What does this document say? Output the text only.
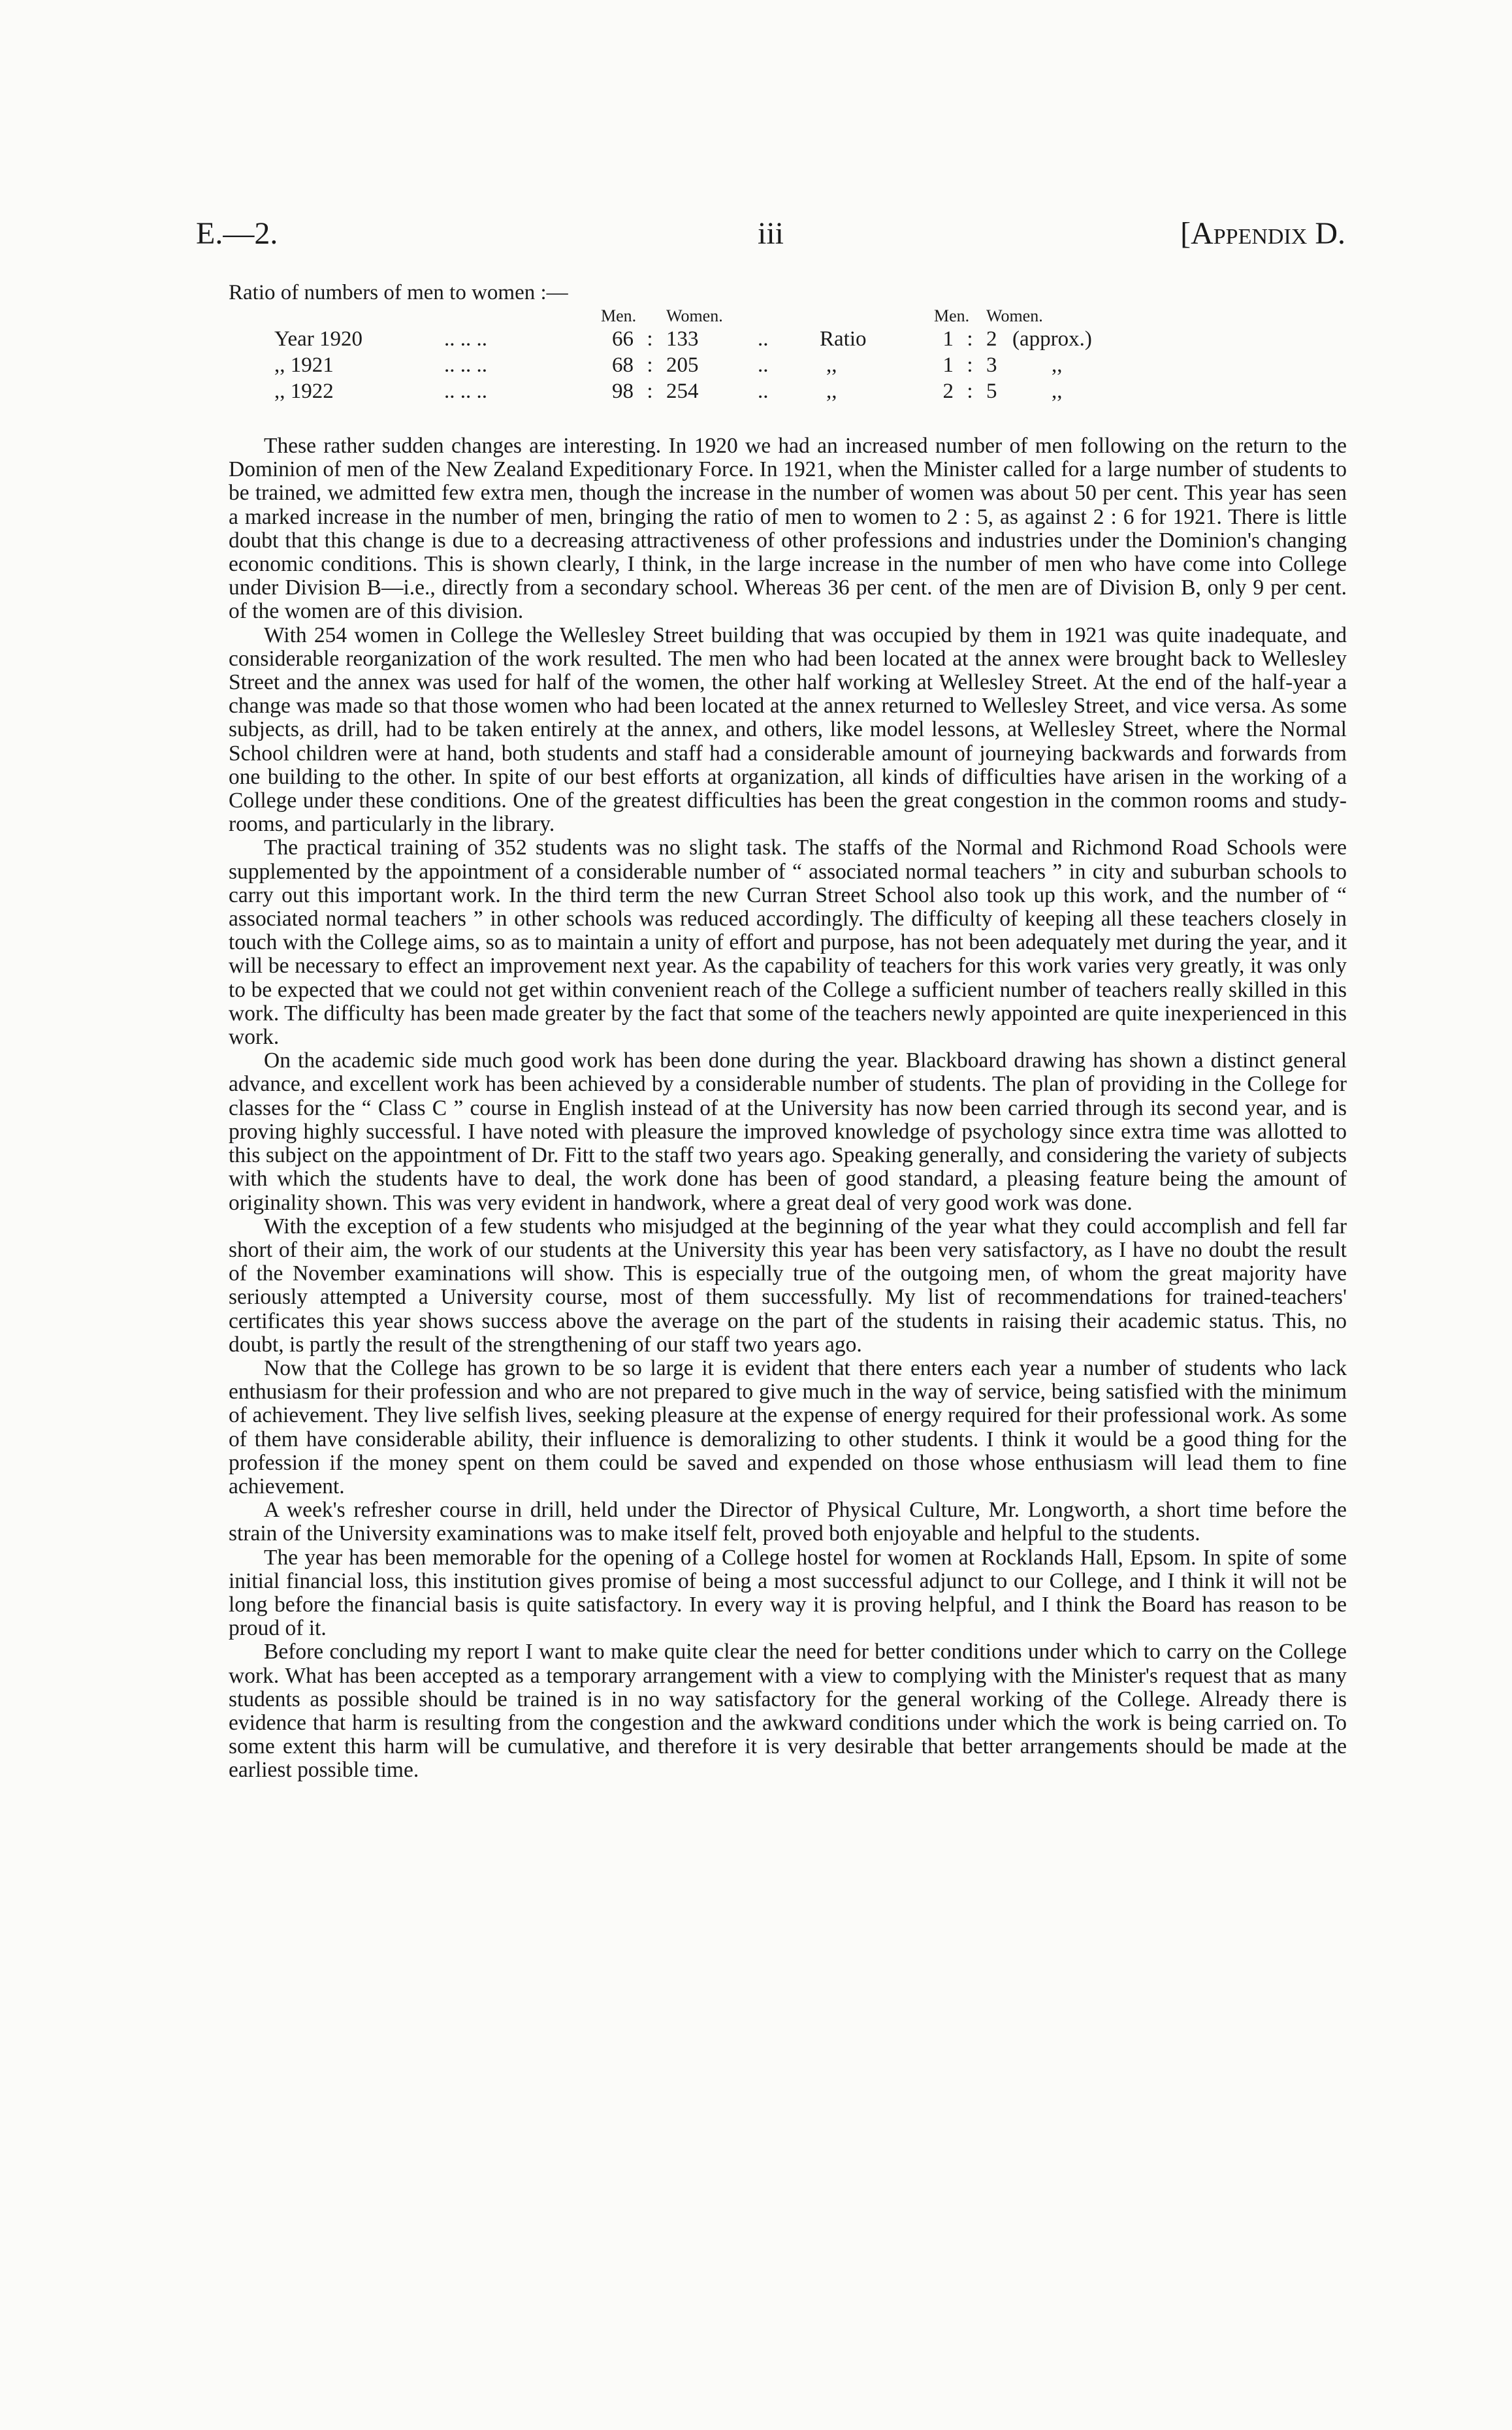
E.—2.	iii	[Appendix D.
Ratio of numbers of men to women :—
		Men.		Women.			Men.		Women.	
Year 1920	.. .. ..	66	:	133	..	Ratio	1	:	2	(approx.)
,, 1921	.. .. ..	68	:	205	..	,,	1	:	3	,,
,, 1922	.. .. ..	98	:	254	..	,,	2	:	5	,,

These rather sudden changes are interesting. In 1920 we had an increased number of men following on the return to the Dominion of men of the New Zealand Expeditionary Force. In 1921, when the Minister called for a large number of students to be trained, we admitted few extra men, though the increase in the number of women was about 50 per cent. This year has seen a marked increase in the number of men, bringing the ratio of men to women to 2 : 5, as against 2 : 6 for 1921. There is little doubt that this change is due to a decreasing attractiveness of other professions and industries under the Dominion's changing economic conditions. This is shown clearly, I think, in the large increase in the number of men who have come into College under Division B—i.e., directly from a secondary school. Whereas 36 per cent. of the men are of Division B, only 9 per cent. of the women are of this division.

With 254 women in College the Wellesley Street building that was occupied by them in 1921 was quite inadequate, and considerable reorganization of the work resulted. The men who had been located at the annex were brought back to Wellesley Street and the annex was used for half of the women, the other half working at Wellesley Street. At the end of the half-year a change was made so that those women who had been located at the annex returned to Wellesley Street, and vice versa. As some subjects, as drill, had to be taken entirely at the annex, and others, like model lessons, at Wellesley Street, where the Normal School children were at hand, both students and staff had a considerable amount of journeying backwards and forwards from one building to the other. In spite of our best efforts at organization, all kinds of difficulties have arisen in the working of a College under these conditions. One of the greatest difficulties has been the great congestion in the common rooms and study-rooms, and particularly in the library.

The practical training of 352 students was no slight task. The staffs of the Normal and Richmond Road Schools were supplemented by the appointment of a considerable number of “ associated normal teachers ” in city and suburban schools to carry out this important work. In the third term the new Curran Street School also took up this work, and the number of “ associated normal teachers ” in other schools was reduced accordingly. The difficulty of keeping all these teachers closely in touch with the College aims, so as to maintain a unity of effort and purpose, has not been adequately met during the year, and it will be necessary to effect an improvement next year. As the capability of teachers for this work varies very greatly, it was only to be expected that we could not get within convenient reach of the College a sufficient number of teachers really skilled in this work. The difficulty has been made greater by the fact that some of the teachers newly appointed are quite inexperienced in this work.

On the academic side much good work has been done during the year. Blackboard drawing has shown a distinct general advance, and excellent work has been achieved by a considerable number of students. The plan of providing in the College for classes for the “ Class C ” course in English instead of at the University has now been carried through its second year, and is proving highly successful. I have noted with pleasure the improved knowledge of psychology since extra time was allotted to this subject on the appointment of Dr. Fitt to the staff two years ago. Speaking generally, and considering the variety of subjects with which the students have to deal, the work done has been of good standard, a pleasing feature being the amount of originality shown. This was very evident in handwork, where a great deal of very good work was done.

With the exception of a few students who misjudged at the beginning of the year what they could accomplish and fell far short of their aim, the work of our students at the University this year has been very satisfactory, as I have no doubt the result of the November examinations will show. This is especially true of the outgoing men, of whom the great majority have seriously attempted a University course, most of them successfully. My list of recommendations for trained-teachers' certificates this year shows success above the average on the part of the students in raising their academic status. This, no doubt, is partly the result of the strengthening of our staff two years ago.

Now that the College has grown to be so large it is evident that there enters each year a number of students who lack enthusiasm for their profession and who are not prepared to give much in the way of service, being satisfied with the minimum of achievement. They live selfish lives, seeking pleasure at the expense of energy required for their professional work. As some of them have considerable ability, their influence is demoralizing to other students. I think it would be a good thing for the profession if the money spent on them could be saved and expended on those whose enthusiasm will lead them to fine achievement.

A week's refresher course in drill, held under the Director of Physical Culture, Mr. Longworth, a short time before the strain of the University examinations was to make itself felt, proved both enjoyable and helpful to the students.

The year has been memorable for the opening of a College hostel for women at Rocklands Hall, Epsom. In spite of some initial financial loss, this institution gives promise of being a most successful adjunct to our College, and I think it will not be long before the financial basis is quite satisfactory. In every way it is proving helpful, and I think the Board has reason to be proud of it.

Before concluding my report I want to make quite clear the need for better conditions under which to carry on the College work. What has been accepted as a temporary arrangement with a view to complying with the Minister's request that as many students as possible should be trained is in no way satisfactory for the general working of the College. Already there is evidence that harm is resulting from the congestion and the awkward conditions under which the work is being carried on. To some extent this harm will be cumulative, and therefore it is very desirable that better arrangements should be made at the earliest possible time.
